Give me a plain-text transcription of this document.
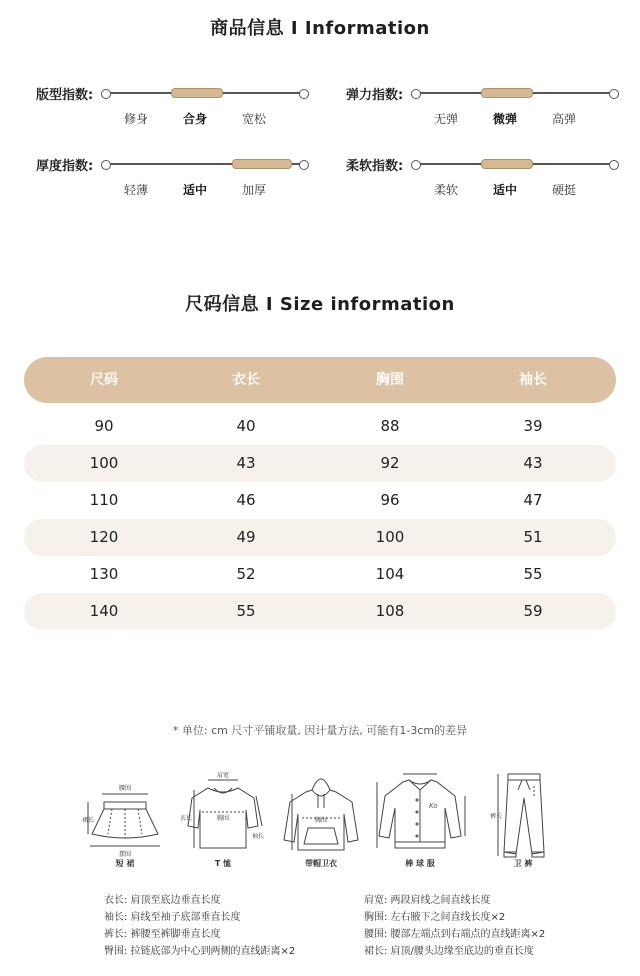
商品信息 I Information
版型指数:
修身	合身	宽松
弹力指数:
无弹	微弹	高弹
厚度指数:
轻薄	适中	加厚
柔软指数:
柔软	适中	硬挺
尺码信息 I Size information
尺码	衣长	胸围	袖长
90	40	88	39
100	43	92	43
110	46	96	47
120	49	100	51
130	52	104	55
140	55	108	59
* 单位: cm 尺寸平铺取量, 因计量方法, 可能有1-3cm的差异
腰围
摆围
裙长
肩宽
衣长	胸围
袖长
胸围
Ko
裤长
短 裙	T 恤	带帽卫衣	棒 球 服	卫 裤
衣长: 肩顶至底边垂直长度
袖长: 肩线至袖子底部垂直长度
裤长: 裤腰至裤脚垂直长度
臀围: 拉链底部为中心到两侧的直线距离×2
肩宽: 两段肩线之间直线长度
胸围: 左右腋下之间直线长度×2
腰围: 腰部左端点到右端点的直线距离×2
裙长: 肩顶/腰头边缘至底边的垂直长度
